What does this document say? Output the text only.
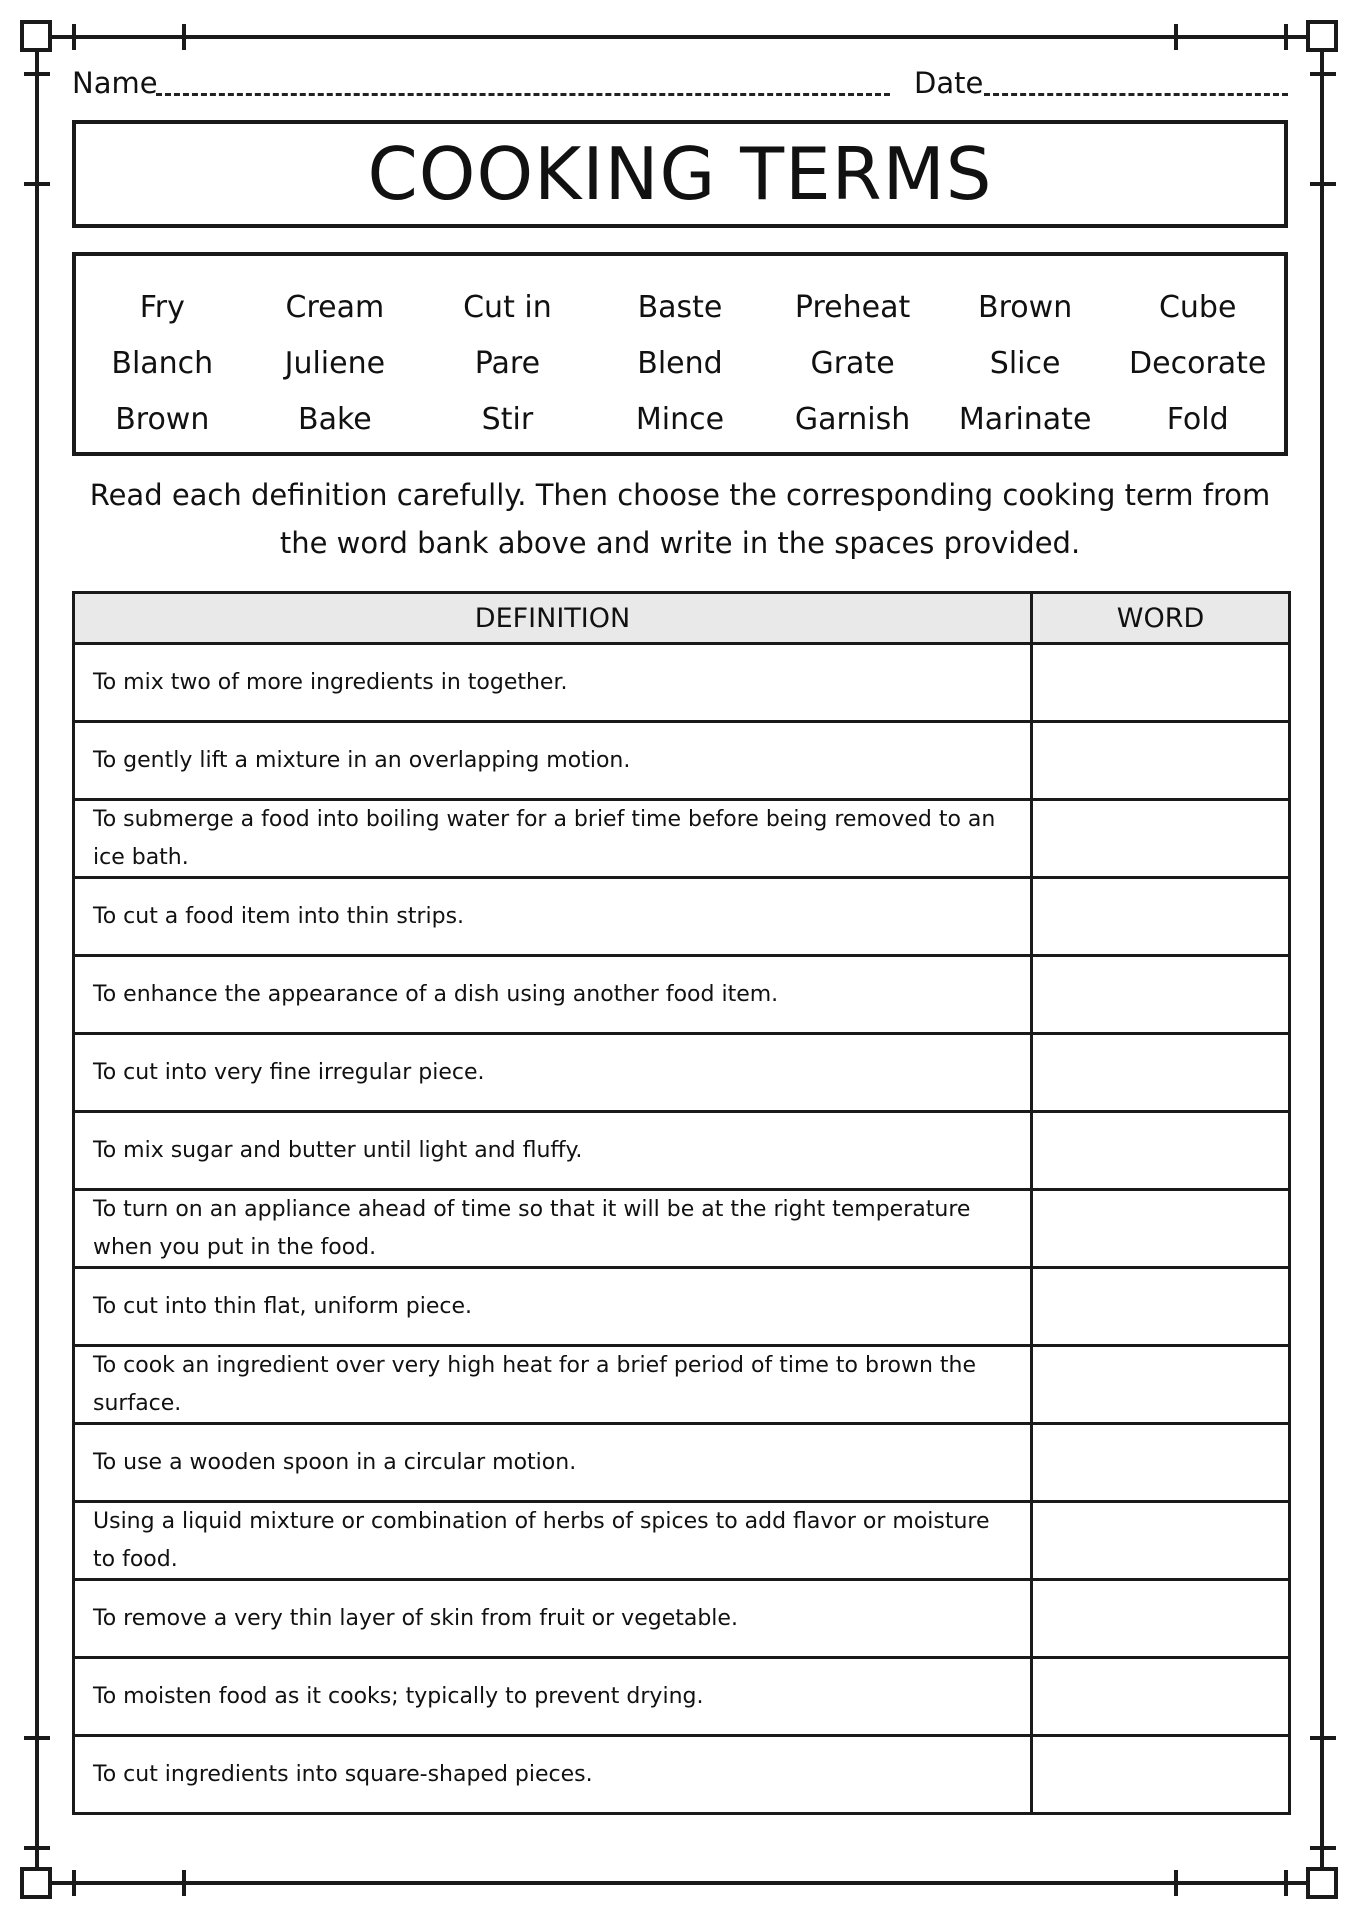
Name	Date
COOKING TERMS
Fry	Cream	Cut in	Baste	Preheat	Brown	Cube
Blanch	Juliene	Pare	Blend	Grate	Slice	Decorate
Brown	Bake	Stir	Mince	Garnish	Marinate	Fold
Read each definition carefully. Then choose the corresponding cooking term from
the word bank above and write in the spaces provided.
DEFINITION	WORD
To mix two of more ingredients in together.	
To gently lift a mixture in an overlapping motion.	
To submerge a food into boiling water for a brief time before being removed to an ice bath.	
To cut a food item into thin strips.	
To enhance the appearance of a dish using another food item.	
To cut into very fine irregular piece.	
To mix sugar and butter until light and fluffy.	
To turn on an appliance ahead of time so that it will be at the right temperature when you put in the food.	
To cut into thin flat, uniform piece.	
To cook an ingredient over very high heat for a brief period of time to brown the surface.	
To use a wooden spoon in a circular motion.	
Using a liquid mixture or combination of herbs of spices to add flavor or moisture to food.	
To remove a very thin layer of skin from fruit or vegetable.	
To moisten food as it cooks; typically to prevent drying.	
To cut ingredients into square-shaped pieces.	
